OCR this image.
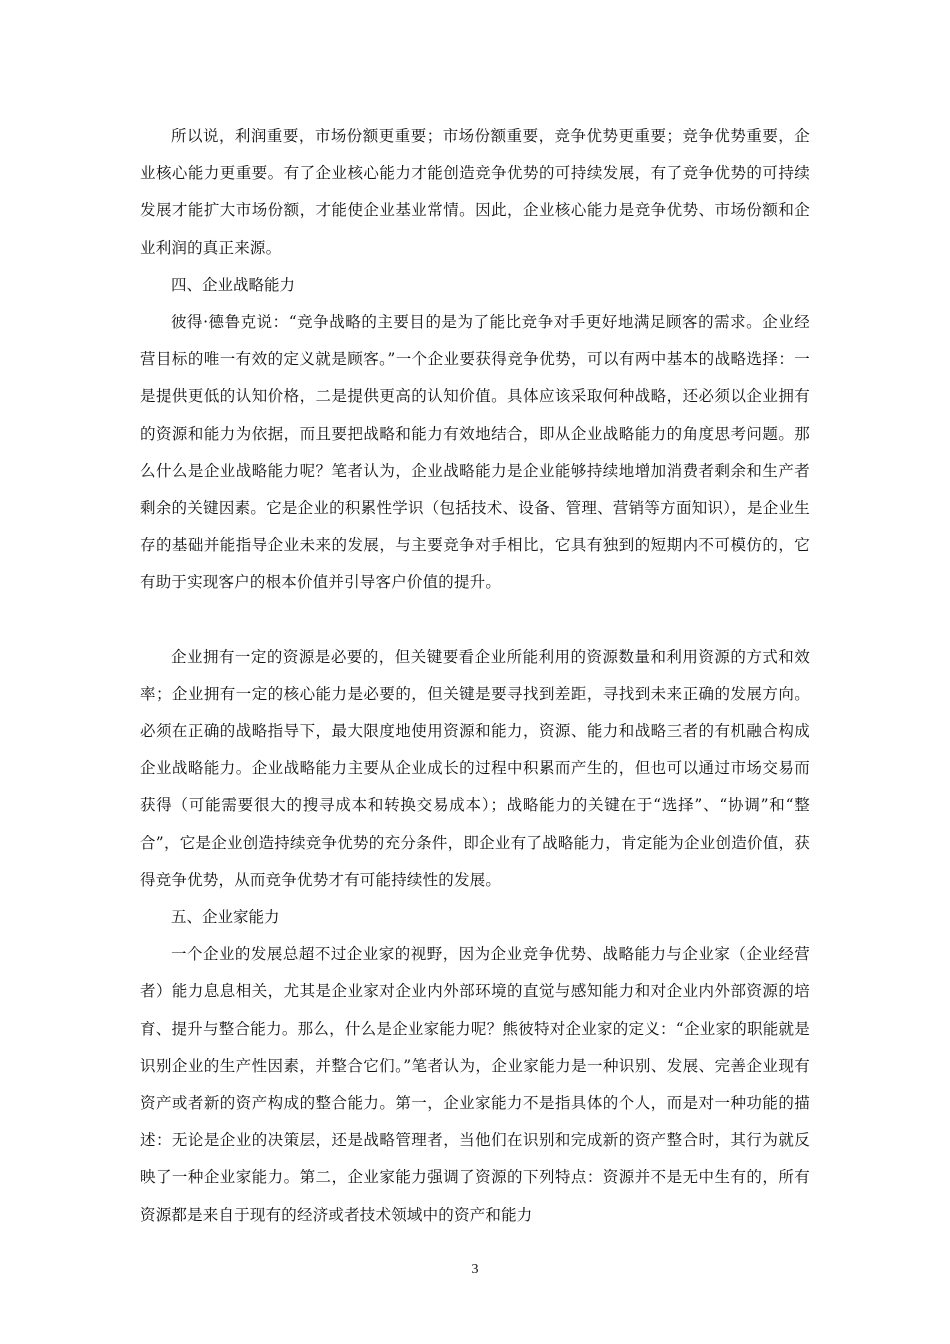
所以说，利润重要，市场份额更重要；市场份额重要，竞争优势更重要；竞争优势重要，企业核心能力更重要。有了企业核心能力才能创造竞争优势的可持续发展，有了竞争优势的可持续发展才能扩大市场份额，才能使企业基业常情。因此，企业核心能力是竞争优势、市场份额和企业利润的真正来源。

四、企业战略能力

彼得·德鲁克说：“竞争战略的主要目的是为了能比竞争对手更好地满足顾客的需求。企业经营目标的唯一有效的定义就是顾客。”一个企业要获得竞争优势，可以有两中基本的战略选择：一是提供更低的认知价格，二是提供更高的认知价值。具体应该采取何种战略，还必须以企业拥有的资源和能力为依据，而且要把战略和能力有效地结合，即从企业战略能力的角度思考问题。那么什么是企业战略能力呢？笔者认为，企业战略能力是企业能够持续地增加消费者剩余和生产者剩余的关键因素。它是企业的积累性学识（包括技术、设备、管理、营销等方面知识），是企业生存的基础并能指导企业未来的发展，与主要竞争对手相比，它具有独到的短期内不可模仿的，它有助于实现客户的根本价值并引导客户价值的提升。

企业拥有一定的资源是必要的，但关键要看企业所能利用的资源数量和利用资源的方式和效率；企业拥有一定的核心能力是必要的，但关键是要寻找到差距，寻找到未来正确的发展方向。必须在正确的战略指导下，最大限度地使用资源和能力，资源、能力和战略三者的有机融合构成企业战略能力。企业战略能力主要从企业成长的过程中积累而产生的，但也可以通过市场交易而获得（可能需要很大的搜寻成本和转换交易成本）；战略能力的关键在于“选择”、“协调”和“整合”，它是企业创造持续竞争优势的充分条件，即企业有了战略能力，肯定能为企业创造价值，获得竞争优势，从而竞争优势才有可能持续性的发展。

五、企业家能力

一个企业的发展总超不过企业家的视野，因为企业竞争优势、战略能力与企业家（企业经营者）能力息息相关，尤其是企业家对企业内外部环境的直觉与感知能力和对企业内外部资源的培育、提升与整合能力。那么，什么是企业家能力呢？熊彼特对企业家的定义：“企业家的职能就是识别企业的生产性因素，并整合它们。”笔者认为，企业家能力是一种识别、发展、完善企业现有资产或者新的资产构成的整合能力。第一，企业家能力不是指具体的个人，而是对一种功能的描述：无论是企业的决策层，还是战略管理者，当他们在识别和完成新的资产整合时，其行为就反映了一种企业家能力。第二，企业家能力强调了资源的下列特点：资源并不是无中生有的，所有资源都是来自于现有的经济或者技术领域中的资产和能力

3
